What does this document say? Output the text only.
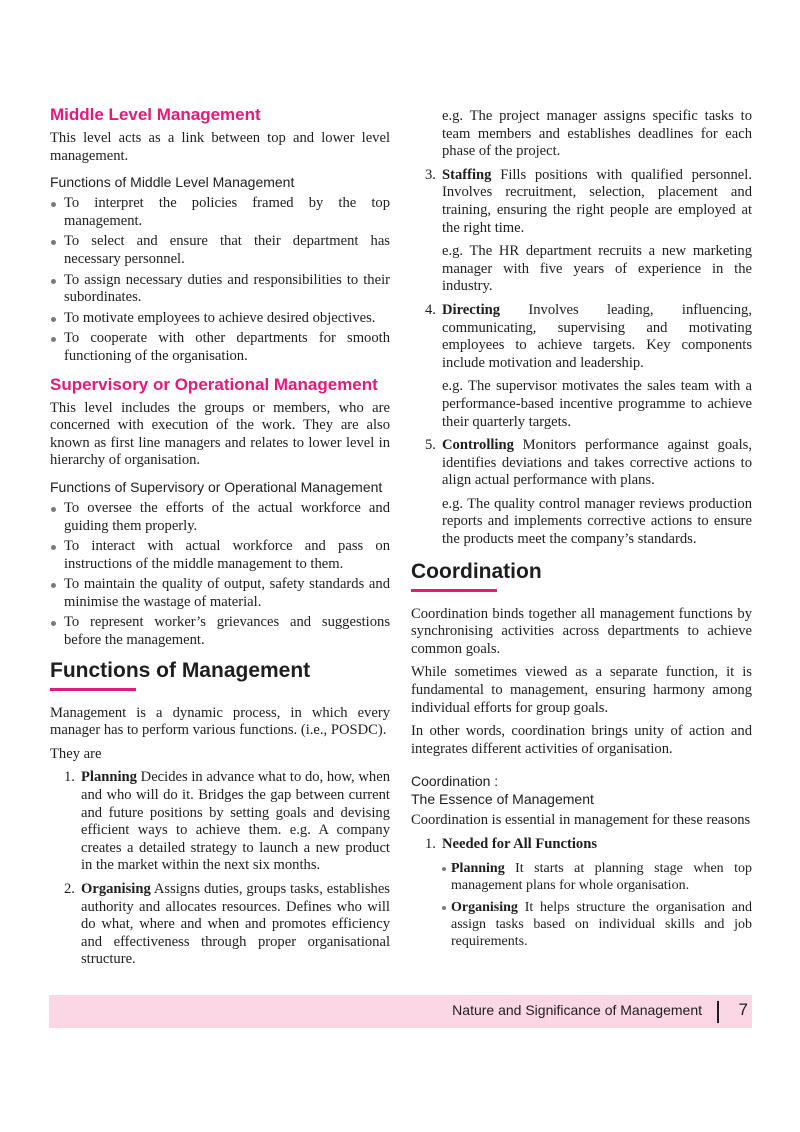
Middle Level Management

This level acts as a link between top and lower level management.

Functions of Middle Level Management
To interpret the policies framed by the top management.
To select and ensure that their department has necessary personnel.
To assign necessary duties and responsibilities to their subordinates.
To motivate employees to achieve desired objectives.
To cooperate with other departments for smooth functioning of the organisation.
Supervisory or Operational Management

This level includes the groups or members, who are concerned with execution of the work. They are also known as first line managers and relates to lower level in hierarchy of organisation.

Functions of Supervisory or Operational Management
To oversee the efforts of the actual workforce and guiding them properly.
To interact with actual workforce and pass on instructions of the middle management to them.
To maintain the quality of output, safety standards and minimise the wastage of material.
To represent worker’s grievances and suggestions before the management.
Functions of Management

Management is a dynamic process, in which every manager has to perform various functions. (i.e., POSDC).

They are

1. Planning Decides in advance what to do, how, when and who will do it. Bridges the gap between current and future positions by setting goals and devising efficient ways to achieve them. e.g. A company creates a detailed strategy to launch a new product in the market within the next six months.
2. Organising Assigns duties, groups tasks, establishes authority and allocates resources. Defines who will do what, where and when and promotes efficiency and effectiveness through proper organisational structure.

e.g. The project manager assigns specific tasks to team members and establishes deadlines for each phase of the project.

3. Staffing Fills positions with qualified personnel. Involves recruitment, selection, placement and training, ensuring the right people are employed at the right time.

e.g. The HR department recruits a new marketing manager with five years of experience in the industry.

4. Directing Involves leading, influencing, communicating, supervising and motivating employees to achieve targets. Key components include motivation and leadership.

e.g. The supervisor motivates the sales team with a performance-based incentive programme to achieve their quarterly targets.

5. Controlling Monitors performance against goals, identifies deviations and takes corrective actions to align actual performance with plans.

e.g. The quality control manager reviews production reports and implements corrective actions to ensure the products meet the company’s standards.

Coordination

Coordination binds together all management functions by synchronising activities across departments to achieve common goals.

While sometimes viewed as a separate function, it is fundamental to management, ensuring harmony among individual efforts for group goals.

In other words, coordination brings unity of action and integrates different activities of organisation.

Coordination :
The Essence of Management

Coordination is essential in management for these reasons

1. Needed for All Functions
Planning It starts at planning stage when top management plans for whole organisation.
Organising It helps structure the organisation and assign tasks based on individual skills and job requirements.
Nature and Significance of Management 7
